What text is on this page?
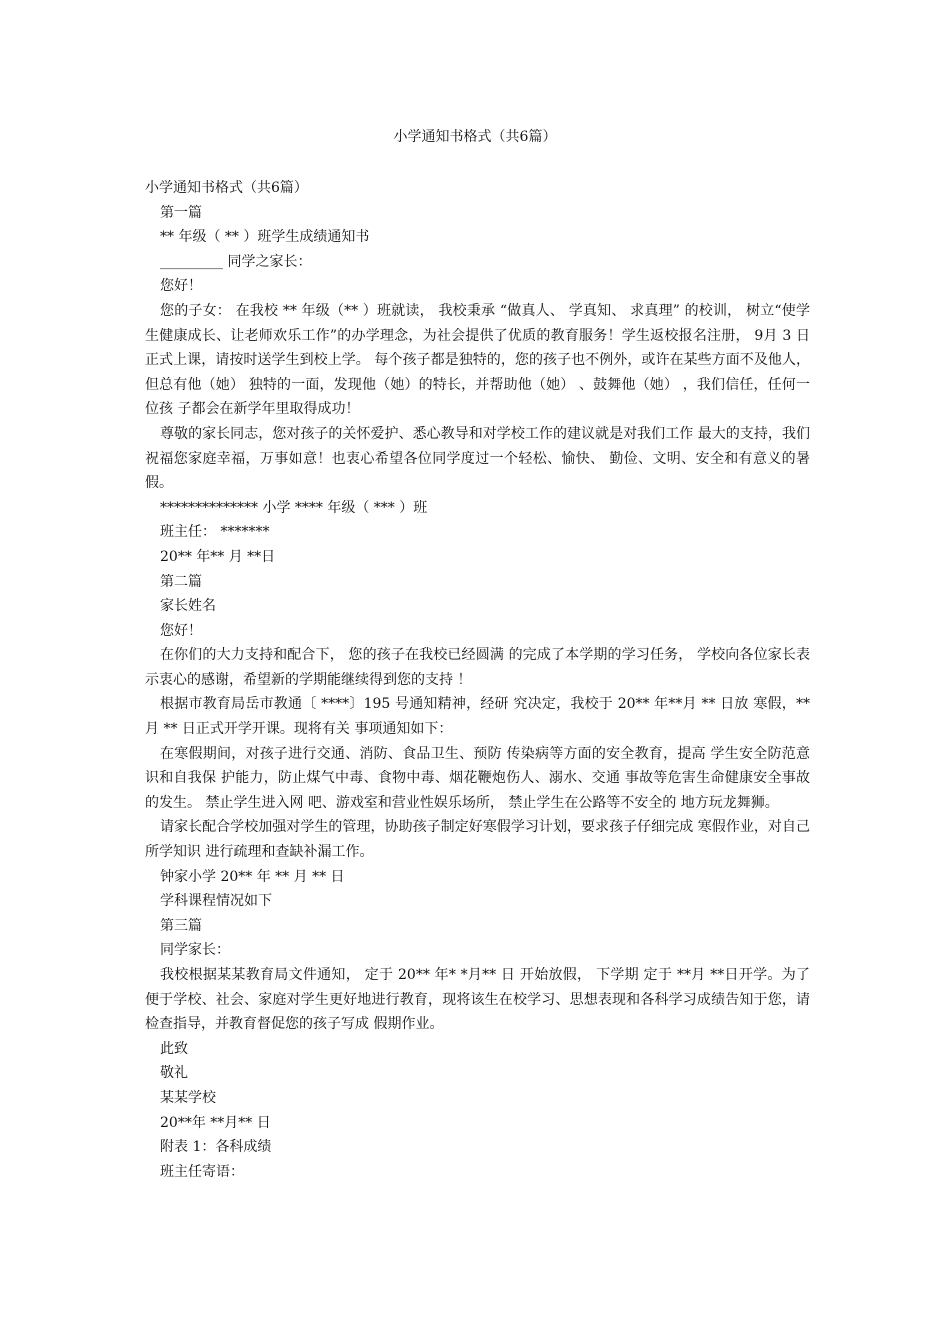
小学通知书格式（共6篇）

小学通知书格式（共6篇）

第一篇

** 年级（ ** ）班学生成绩通知书

_________ 同学之家长：

您好！

您的子女： 在我校 ** 年级（** ）班就读， 我校秉承 “做真人、 学真知、 求真理” 的校训， 树立“使学生健康成长、让老师欢乐工作”的办学理念，为社会提供了优质的教育服务！学生返校报名注册， 9月 3 日正式上课，请按时送学生到校上学。 每个孩子都是独特的，您的孩子也不例外，或许在某些方面不及他人，但总有他（她） 独特的一面，发现他（她）的特长，并帮助他（她） 、鼓舞他（她） ，我们信任，任何一位孩 子都会在新学年里取得成功！

尊敬的家长同志，您对孩子的关怀爱护、悉心教导和对学校工作的建议就是对我们工作 最大的支持，我们祝福您家庭幸福，万事如意！也衷心希望各位同学度过一个轻松、愉快、 勤俭、文明、安全和有意义的暑假。

************** 小学 **** 年级（ *** ）班

班主任： *******

20** 年** 月 **日

第二篇

家长姓名

您好！

在你们的大力支持和配合下， 您的孩子在我校已经圆满 的完成了本学期的学习任务， 学校向各位家长表示衷心的感谢，希望新的学期能继续得到您的支持 ！

根据市教育局岳市教通〔 ****〕195 号通知精神，经研 究决定，我校于 20** 年**月 ** 日放 寒假，** 月 ** 日正式开学开课。现将有关 事项通知如下：

在寒假期间，对孩子进行交通、消防、食品卫生、预防 传染病等方面的安全教育，提高 学生安全防范意识和自我保 护能力，防止煤气中毒、食物中毒、烟花鞭炮伤人、溺水、交通 事故等危害生命健康安全事故的发生。 禁止学生进入网 吧、游戏室和营业性娱乐场所， 禁止学生在公路等不安全的 地方玩龙舞狮。

请家长配合学校加强对学生的管理，协助孩子制定好寒假学习计划，要求孩子仔细完成 寒假作业，对自己所学知识 进行疏理和查缺补漏工作。

钟家小学 20** 年 ** 月 ** 日

学科课程情况如下

第三篇

同学家长：

我校根据某某教育局文件通知， 定于 20** 年* *月** 日 开始放假， 下学期 定于 **月 **日开学。为了便于学校、社会、家庭对学生更好地进行教育，现将该生在校学习、思想表现和各科学习成绩告知于您，请检查指导，并教育督促您的孩子写成 假期作业。

此致

敬礼

某某学校

20**年 **月** 日

附表 1：各科成绩

班主任寄语：
